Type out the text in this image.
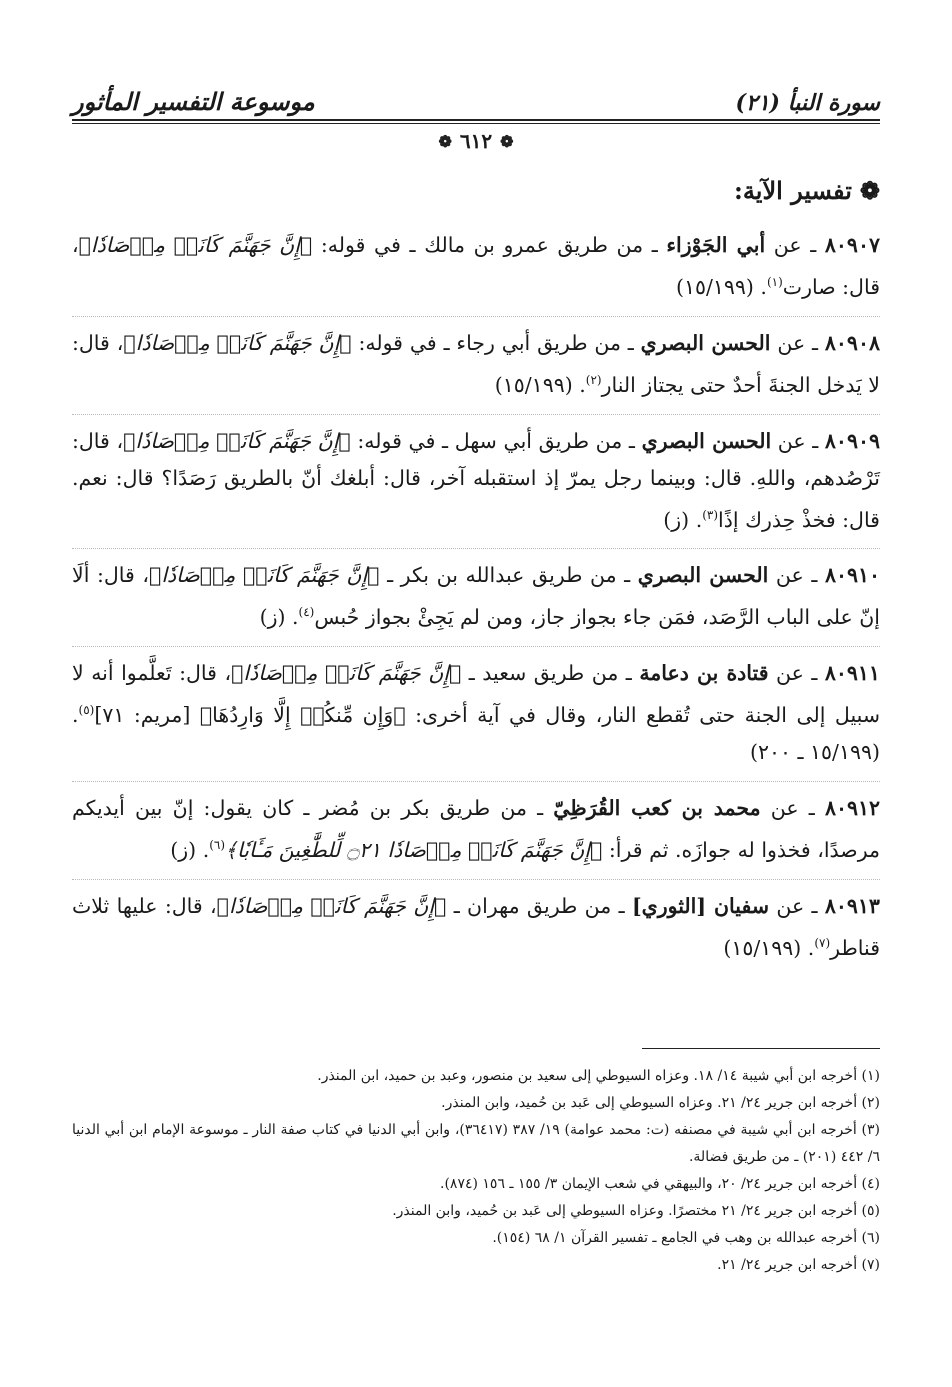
سورة النبأ (٢١)
موسوعة التفسير المأثور
❁
٦١٢
❁
❁
تفسير الآية:

٨٠٩٠٧ ـ عن أبي الجَوْزاء ـ من طريق عمرو بن مالك ـ في قوله: ﴿إِنَّ جَهَنَّمَ كَانَتۡ مِرۡصَادٗا﴾، قال: صارت$^{(١)}$. (١٥/١٩٩)

٨٠٩٠٨ ـ عن الحسن البصري ـ من طريق أبي رجاء ـ في قوله: ﴿إِنَّ جَهَنَّمَ كَانَتۡ مِرۡصَادٗا﴾، قال: لا يَدخل الجنةَ أحدٌ حتى يجتاز النار$^{(٢)}$. (١٥/١٩٩)

٨٠٩٠٩ ـ عن الحسن البصري ـ من طريق أبي سهل ـ في قوله: ﴿إِنَّ جَهَنَّمَ كَانَتۡ مِرۡصَادٗا﴾، قال: تَرْصُدهم، واللهِ. قال: وبينما رجل يمرّ إذ استقبله آخر، قال: أبلغك أنّ بالطريق رَصَدًا؟ قال: نعم. قال: فخذْ حِذرك إذًا$^{(٣)}$. (ز)

٨٠٩١٠ ـ عن الحسن البصري ـ من طريق عبدالله بن بكر ـ ﴿إِنَّ جَهَنَّمَ كَانَتۡ مِرۡصَادٗا﴾، قال: ألَا إنّ على الباب الرَّصَد، فمَن جاء بجواز جاز، ومن لم يَجِئْ بجواز حُبس$^{(٤)}$. (ز)

٨٠٩١١ ـ عن قتادة بن دعامة ـ من طريق سعيد ـ ﴿إِنَّ جَهَنَّمَ كَانَتۡ مِرۡصَادٗا﴾، قال: تَعلَّموا أنه لا سبيل إلى الجنة حتى تُقطع النار، وقال في آية أخرى: ﴿وَإِن مِّنكُمۡ إِلَّا وَارِدُهَا﴾ [مريم: ٧١]$^{(٥)}$. (١٥/١٩٩ ـ ٢٠٠)

٨٠٩١٢ ـ عن محمد بن كعب القُرَظِيّ ـ من طريق بكر بن مُضر ـ كان يقول: إنّ بين أيديكم مرصدًا، فخذوا له جوازَه. ثم قرأ: ﴿إِنَّ جَهَنَّمَ كَانَتۡ مِرۡصَادٗا ۝٢١ لِّلطَّٰغِينَ مَـَٔابٗا﴾$^{(٦)}$. (ز)

٨٠٩١٣ ـ عن سفيان [الثوري] ـ من طريق مهران ـ ﴿إِنَّ جَهَنَّمَ كَانَتۡ مِرۡصَادٗا﴾، قال: عليها ثلاث قناطر$^{(٧)}$. (١٥/١٩٩)

(١) أخرجه ابن أبي شيبة ١٤/ ١٨. وعزاه السيوطي إلى سعيد بن منصور، وعبد بن حميد، ابن المنذر.
(٢) أخرجه ابن جرير ٢٤/ ٢١. وعزاه السيوطي إلى عَبد بن حُميد، وابن المنذر.
(٣) أخرجه ابن أبي شيبة في مصنفه (ت: محمد عوامة) ١٩/ ٣٨٧ (٣٦٤١٧)، وابن أبي الدنيا في كتاب صفة النار ـ موسوعة الإمام ابن أبي الدنيا ٦/ ٤٤٢ (٢٠١) ـ من طريق فضالة.
(٤) أخرجه ابن جرير ٢٤/ ٢٠، والبيهقي في شعب الإيمان ٣/ ١٥٥ ـ ١٥٦ (٨٧٤).
(٥) أخرجه ابن جرير ٢٤/ ٢١ مختصرًا. وعزاه السيوطي إلى عَبد بن حُميد، وابن المنذر.
(٦) أخرجه عبدالله بن وهب في الجامع ـ تفسير القرآن ١/ ٦٨ (١٥٤).
(٧) أخرجه ابن جرير ٢٤/ ٢١.
